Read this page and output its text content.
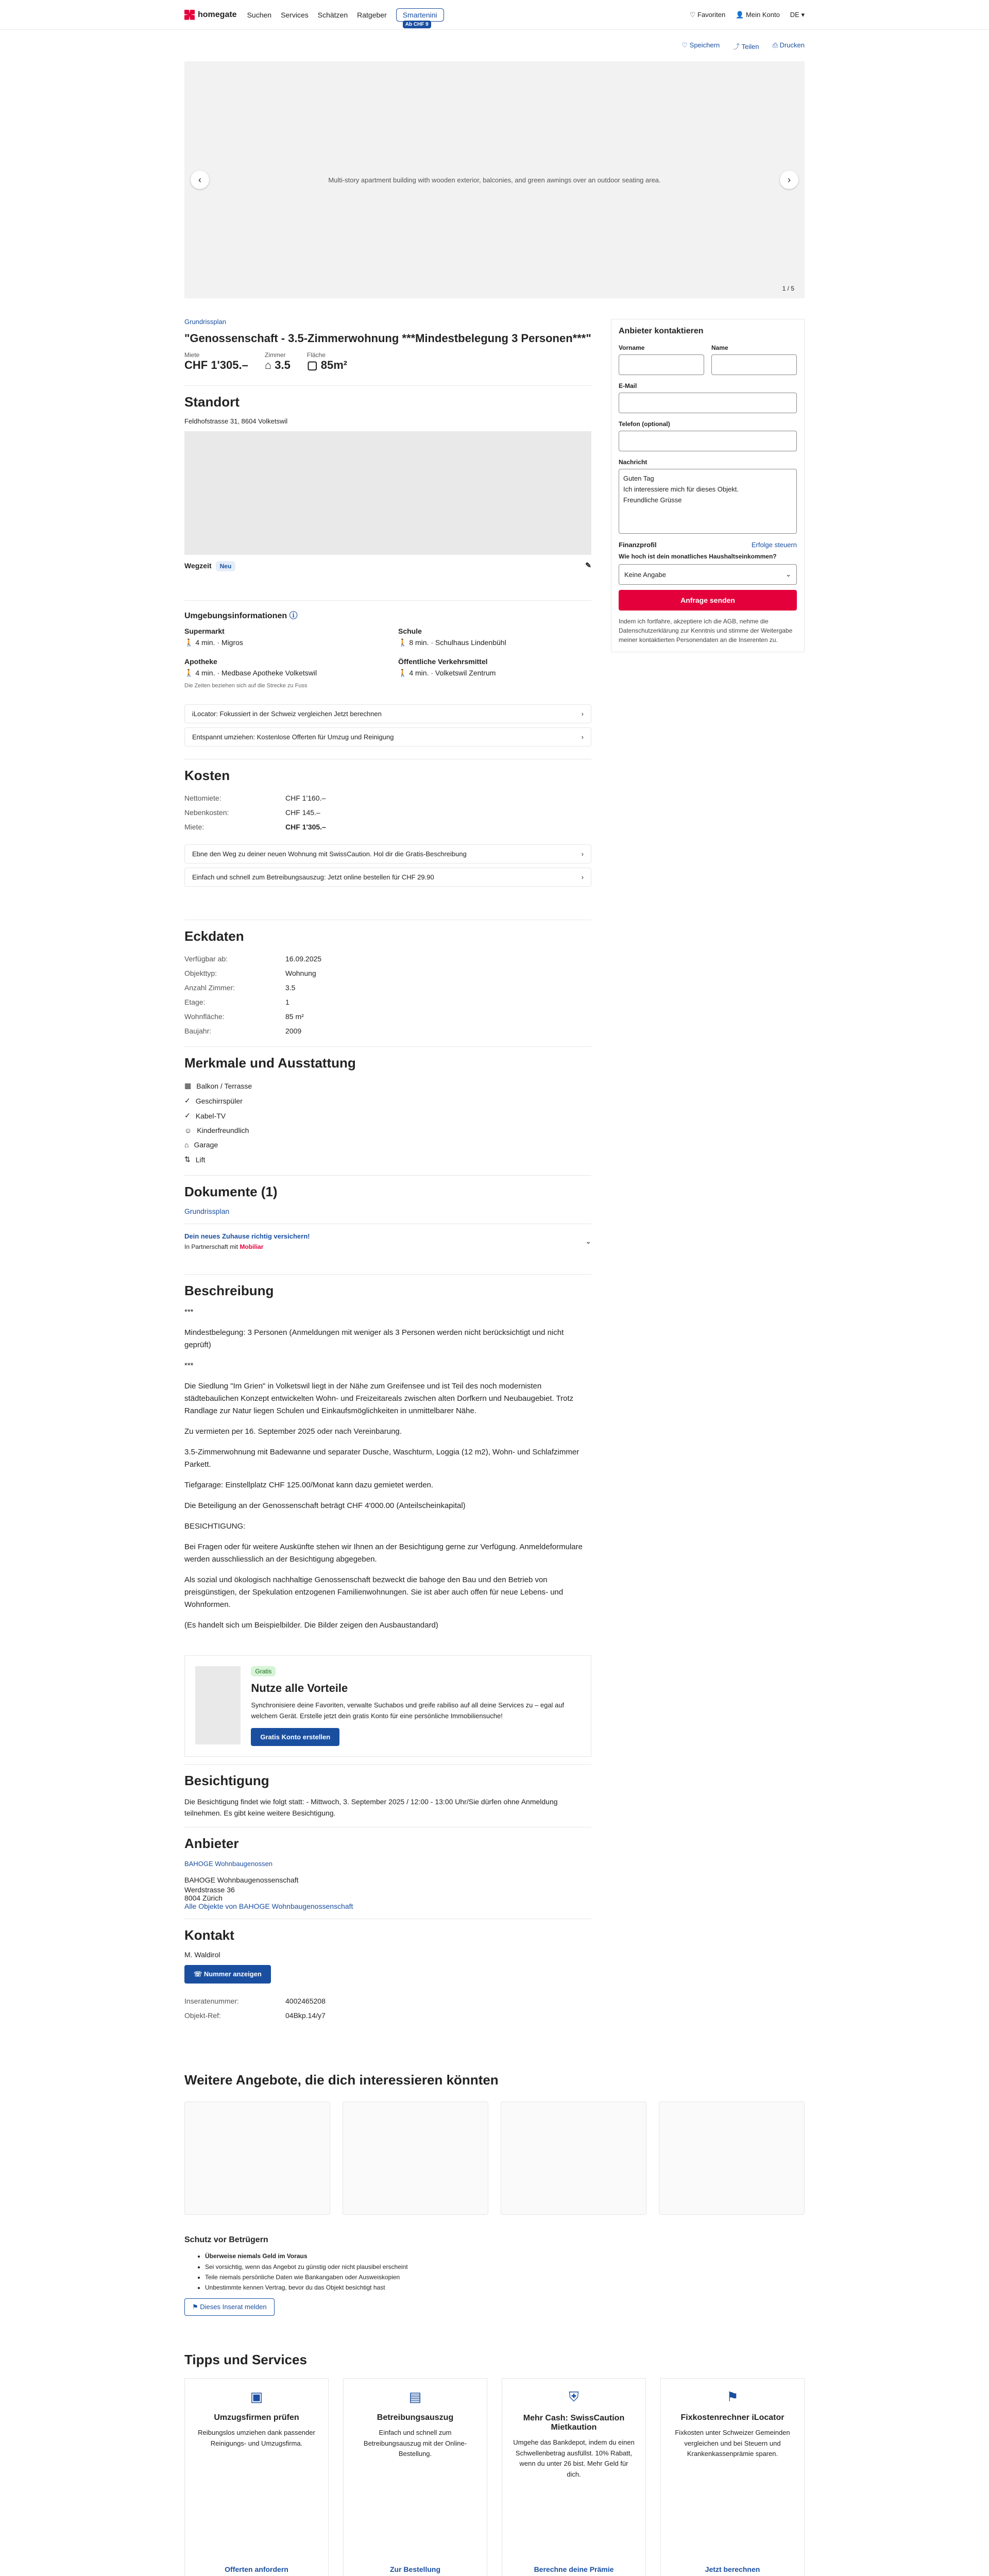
homegate Suchen Services Schätzen Ratgeber	Smartenini
Ab CHF 9
♡ Favoriten 👤 Mein Konto DE ▾
♡ Speichern ⤴ Teilen ⎙ Drucken
‹	Multi-story apartment building with wooden exterior, balconies, and green awnings over an outdoor seating area.	›
1 / 5
Grundrissplan
"Genossenschaft - 3.5-Zimmerwohnung ***Mindestbelegung 3 Personen***"
Miete
CHF 1'305.–
Zimmer
⌂ 3.5
Fläche
▢ 85m²
Standort
Feldhofstrasse 31, 8604 Volketswil
Wegzeit Neu	✎
Umgebungsinformationen ⓘ
Supermarkt
🚶 4 min. · Migros
Schule
🚶 8 min. · Schulhaus Lindenbühl
Apotheke
🚶 4 min. · Medbase Apotheke Volketswil
Öffentliche Verkehrsmittel
🚶 4 min. · Volketswil Zentrum
Die Zeiten beziehen sich auf die Strecke zu Fuss
iLocator: Fokussiert in der Schweiz vergleichen Jetzt berechnen	›
Entspannt umziehen: Kostenlose Offerten für Umzug und Reinigung	›
Kosten
Nettomiete:	CHF 1'160.–
Nebenkosten:	CHF 145.–
Miete:	CHF 1'305.–
Ebne den Weg zu deiner neuen Wohnung mit SwissCaution. Hol dir die Gratis-Beschreibung	›
Einfach und schnell zum Betreibungsauszug: Jetzt online bestellen für CHF 29.90	›
Eckdaten
Verfügbar ab:	16.09.2025
Objekttyp:	Wohnung
Anzahl Zimmer:	3.5
Etage:	1
Wohnfläche:	85 m²
Baujahr:	2009
Merkmale und Ausstattung
▦ Balkon / Terrasse
✓ Geschirrspüler
✓ Kabel-TV
☺ Kinderfreundlich
⌂ Garage
⇅ Lift
Dokumente (1)
Grundrissplan
Dein neues Zuhause richtig versichern!
In Partnerschaft mit Mobiliar
⌄
Beschreibung

***

Mindestbelegung: 3 Personen (Anmeldungen mit weniger als 3 Personen werden nicht berücksichtigt und nicht geprüft)

***

Die Siedlung "Im Grien" in Volketswil liegt in der Nähe zum Greifensee und ist Teil des noch modernisten städtebaulichen Konzept entwickelten Wohn- und Freizeitareals zwischen alten Dorfkern und Neubaugebiet. Trotz Randlage zur Natur liegen Schulen und Einkaufsmöglichkeiten in unmittelbarer Nähe.

Zu vermieten per 16. September 2025 oder nach Vereinbarung.

3.5-Zimmerwohnung mit Badewanne und separater Dusche, Waschturm, Loggia (12 m2), Wohn- und Schlafzimmer Parkett.

Tiefgarage: Einstellplatz CHF 125.00/Monat kann dazu gemietet werden.

Die Beteiligung an der Genossenschaft beträgt CHF 4'000.00 (Anteilscheinkapital)

BESICHTIGUNG:

Bei Fragen oder für weitere Auskünfte stehen wir Ihnen an der Besichtigung gerne zur Verfügung. Anmeldeformulare werden ausschliesslich an der Besichtigung abgegeben.

Als sozial und ökologisch nachhaltige Genossenschaft bezweckt die bahoge den Bau und den Betrieb von preisgünstigen, der Spekulation entzogenen Familienwohnungen. Sie ist aber auch offen für neue Lebens- und Wohnformen.

(Es handelt sich um Beispielbilder. Die Bilder zeigen den Ausbaustandard)

Gratis
Nutze alle Vorteile
Synchronisiere deine Favoriten, verwalte Suchabos und greife rabiliso auf all deine Services zu – egal auf welchem Gerät. Erstelle jetzt dein gratis Konto für eine persönliche Immobiliensuche!
Gratis Konto erstellen
Besichtigung
Die Besichtigung findet wie folgt statt: - Mittwoch, 3. September 2025 / 12:00 - 13:00 Uhr/Sie dürfen ohne Anmeldung teilnehmen. Es gibt keine weitere Besichtigung.
Anbieter
BAHOGE Wohnbaugenossen
BAHOGE Wohnbaugenossenschaft
Werdstrasse 36
8004 Zürich
Alle Objekte von BAHOGE Wohnbaugenossenschaft
Kontakt
M. Waldirol
☏ Nummer anzeigen
Inseratenummer:	4002465208
Objekt-Ref:	04Bkp.14/y7
Anbieter kontaktieren
Vorname	Name
E-Mail
Telefon (optional)
Nachricht
Guten Tag
Ich interessiere mich für dieses Objekt.
Freundliche Grüsse
Finanzprofil	Erfolge steuern
Wie hoch ist dein monatliches Haushaltseinkommen?
Keine Angabe	⌄
Anfrage senden
Indem ich fortfahre, akzeptiere ich die AGB, nehme die Datenschutzerklärung zur Kenntnis und stimme der Weitergabe meiner kontaktierten Personendaten an die Inserenten zu.
Weitere Angebote, die dich interessieren könnten
Schutz vor Betrügern
• Überweise niemals Geld im Voraus
• Sei vorsichtig, wenn das Angebot zu günstig oder nicht plausibel erscheint
• Teile niemals persönliche Daten wie Bankangaben oder Ausweiskopien
• Unbestimmte kennen Vertrag, bevor du das Objekt besichtigt hast
⚑ Dieses Inserat melden
Tipps und Services
▣
Umzugsfirmen prüfen

Reibungslos umziehen dank passender Reinigungs- und Umzugsfirma.

Offerten anfordern
▤
Betreibungsauszug

Einfach und schnell zum Betreibungsauszug mit der Online-Bestellung.

Zur Bestellung
⛨
Mehr Cash: SwissCaution Mietkaution

Umgehe das Bankdepot, indem du einen Schwellenbetrag ausfüllst. 10% Rabatt, wenn du unter 26 bist. Mehr Geld für dich.

Berechne deine Prämie
⚑
Fixkostenrechner iLocator

Fixkosten unter Schweizer Gemeinden vergleichen und bei Steuern und Krankenkassenprämie sparen.

Jetzt berechnen
